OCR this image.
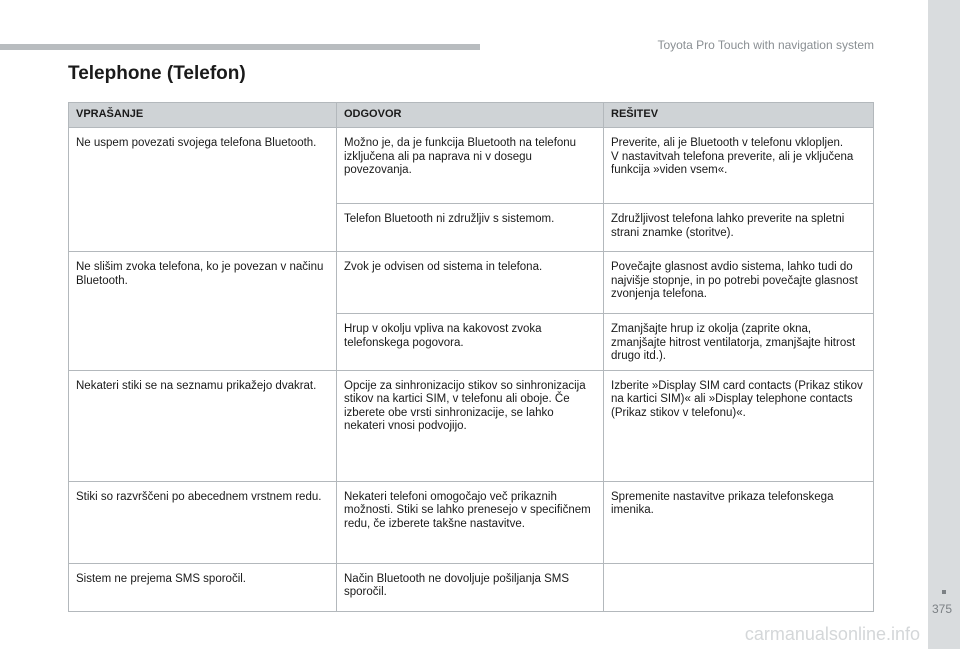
Toyota Pro Touch with navigation system
Telephone (Telefon)
VPRAŠANJE	ODGOVOR	REŠITEV
Ne uspem povezati svojega telefona Bluetooth.	Možno je, da je funkcija Bluetooth na telefonu izključena ali pa naprava ni v dosegu povezovanja.	Preverite, ali je Bluetooth v telefonu vklopljen.
V nastavitvah telefona preverite, ali je vključena funkcija »viden vsem«.
	Telefon Bluetooth ni združljiv s sistemom.	Združljivost telefona lahko preverite na spletni strani znamke (storitve).
Ne slišim zvoka telefona, ko je povezan v načinu Bluetooth.	Zvok je odvisen od sistema in telefona.	Povečajte glasnost avdio sistema, lahko tudi do najvišje stopnje, in po potrebi povečajte glasnost zvonjenja telefona.
	Hrup v okolju vpliva na kakovost zvoka telefonskega pogovora.	Zmanjšajte hrup iz okolja (zaprite okna, zmanjšajte hitrost ventilatorja, zmanjšajte hitrost drugo itd.).
Nekateri stiki se na seznamu prikažejo dvakrat.	Opcije za sinhronizacijo stikov so sinhronizacija stikov na kartici SIM, v telefonu ali oboje. Če izberete obe vrsti sinhronizacije, se lahko nekateri vnosi podvojijo.	Izberite »Display SIM card contacts (Prikaz stikov na kartici SIM)« ali »Display telephone contacts (Prikaz stikov v telefonu)«.
Stiki so razvrščeni po abecednem vrstnem redu.	Nekateri telefoni omogočajo več prikaznih možnosti. Stiki se lahko prenesejo v specifičnem redu, če izberete takšne nastavitve.	Spremenite nastavitve prikaza telefonskega imenika.
Sistem ne prejema SMS sporočil.	Način Bluetooth ne dovoljuje pošiljanja SMS sporočil.	
375
carmanualsonline.info
